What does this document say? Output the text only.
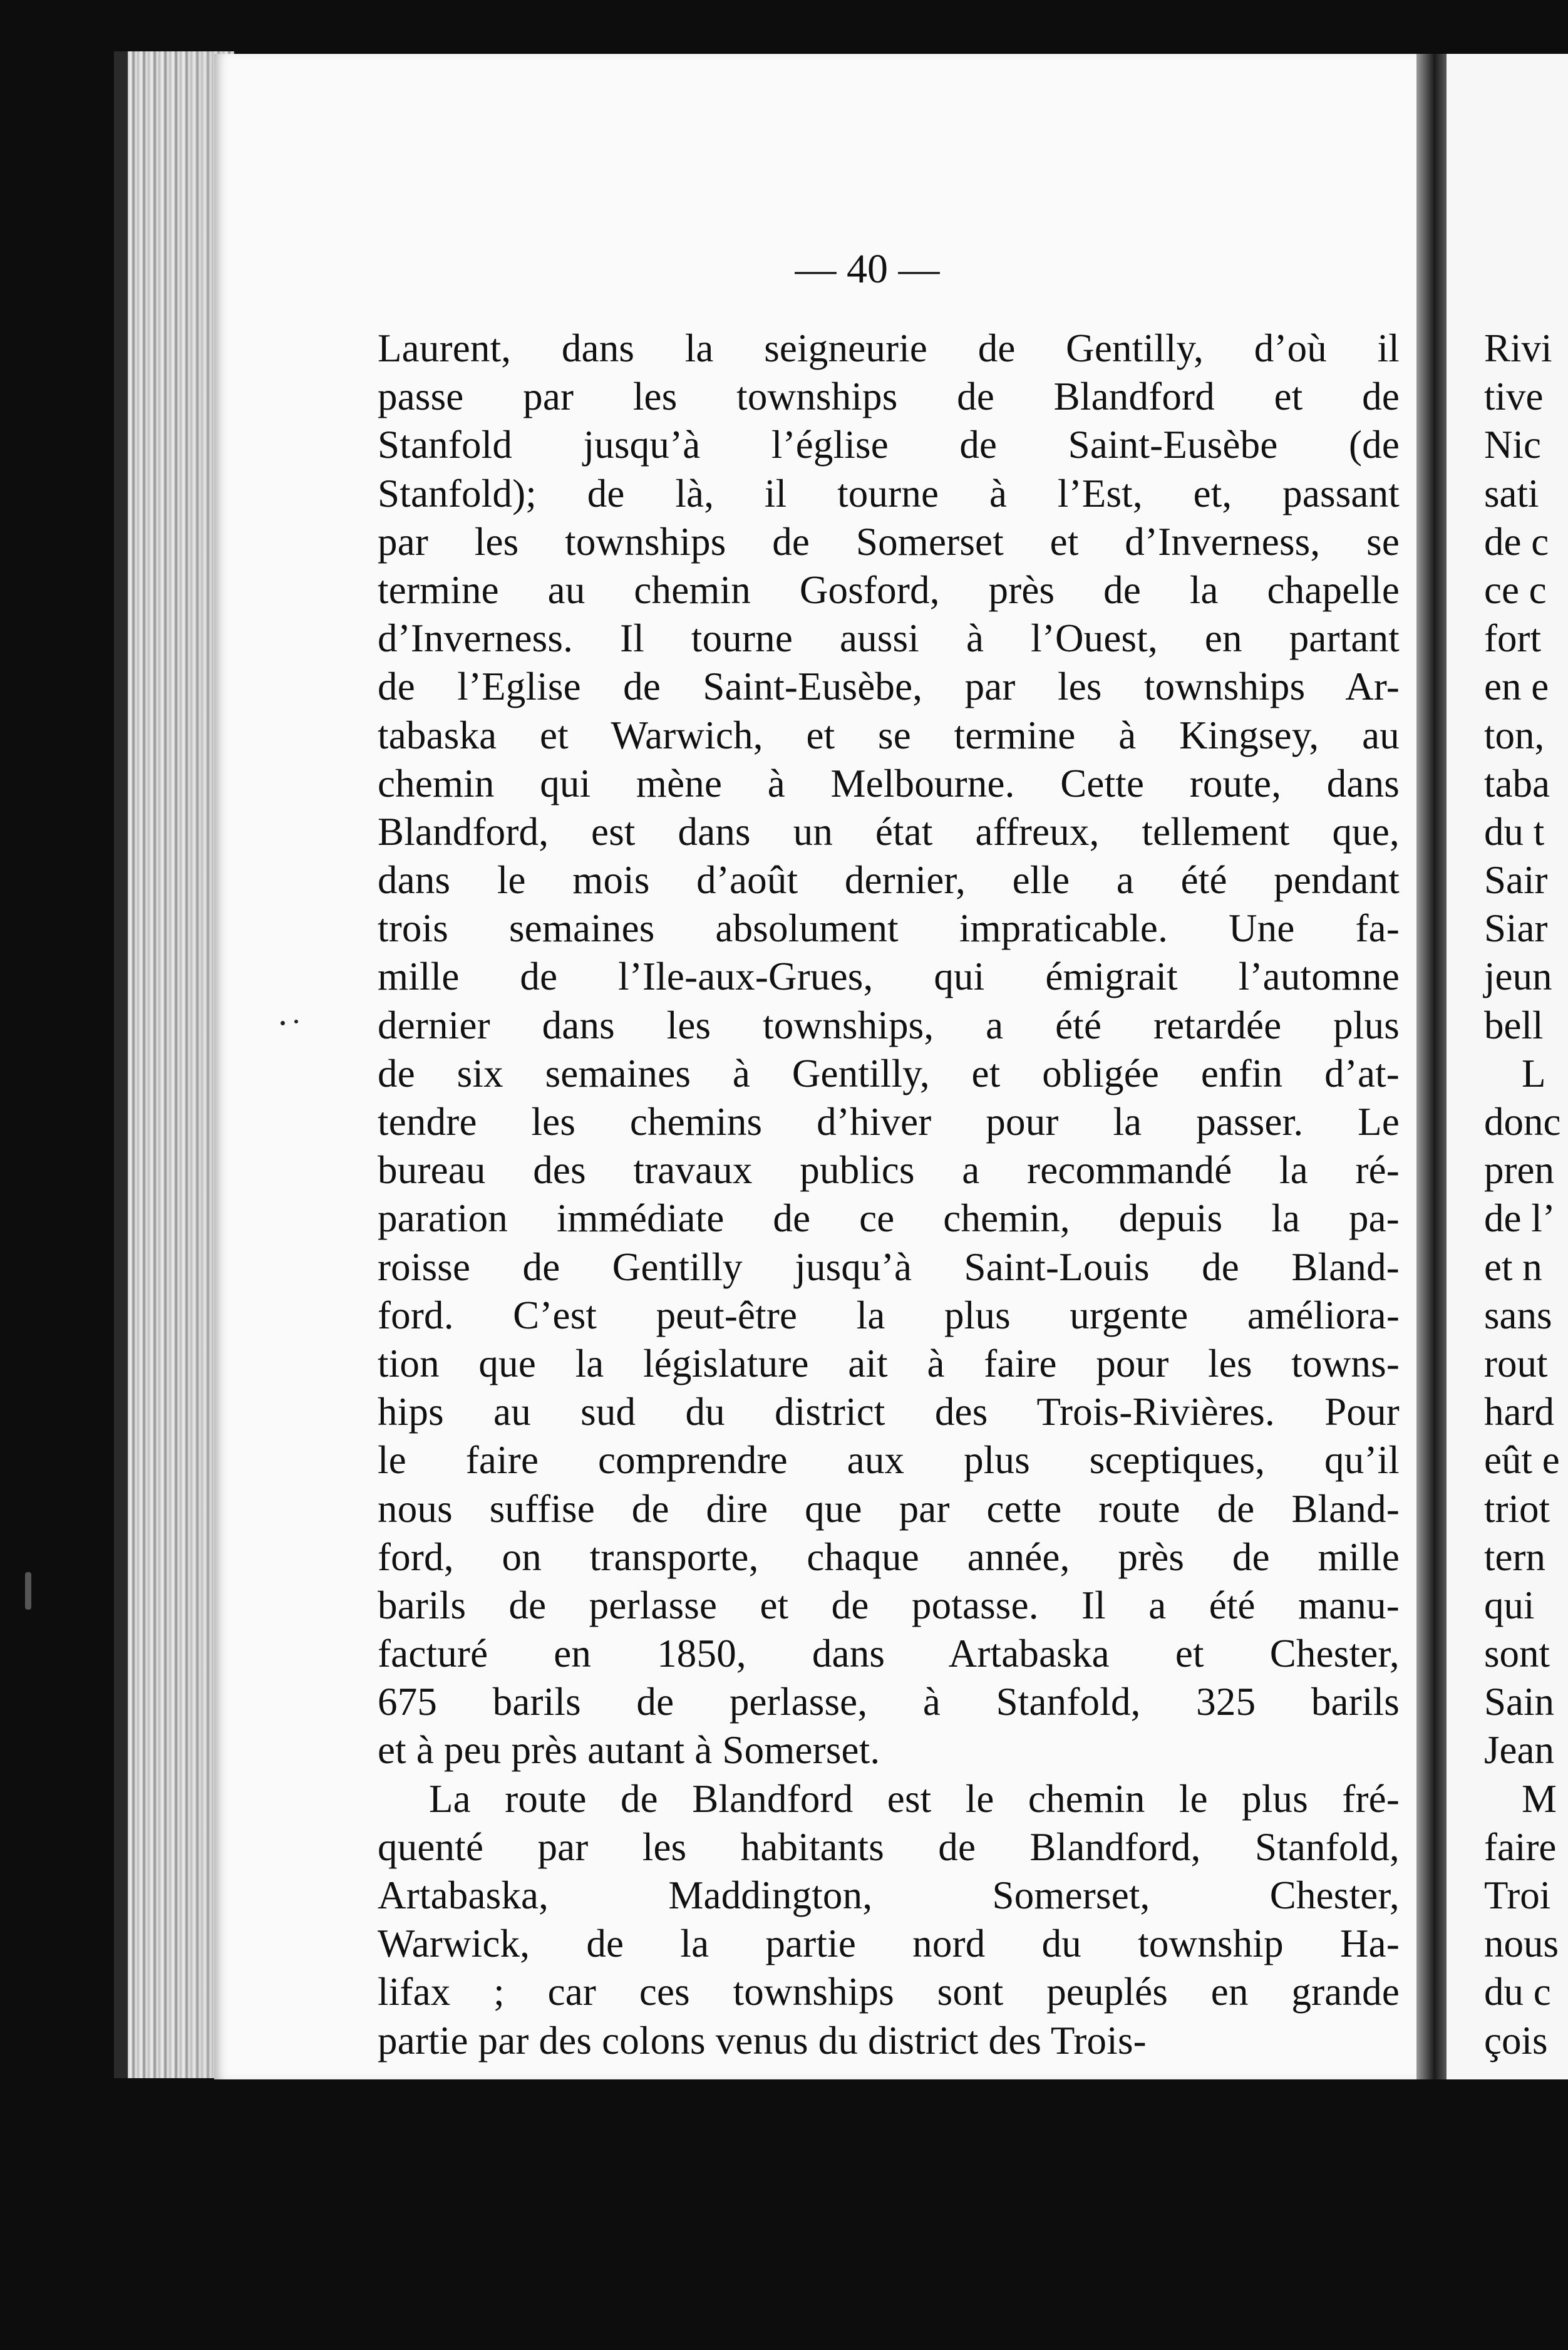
Rivi
tive
Nic
sati
de c
ce c
fort
en e
ton,
taba
du t
Sair
Siar
jeun
bell
L
donc
pren
de l’
et n
sans
rout
hard
eût e
triot
tern
qui
sont
Sain
Jean
M
faire
Troi
nous
du c
çois
— 40 —
Laurent, dans la seigneurie de Gentilly, d’où il
passe par les townships de Blandford et de
Stanfold jusqu’à l’église de Saint-Eusèbe (de
Stanfold); de là, il tourne à l’Est, et, passant
par les townships de Somerset et d’Inverness, se
termine au chemin Gosford, près de la chapelle
d’Inverness. Il tourne aussi à l’Ouest, en partant
de l’Eglise de Saint-Eusèbe, par les townships Ar-
tabaska et Warwich, et se termine à Kingsey, au
chemin qui mène à Melbourne. Cette route, dans
Blandford, est dans un état affreux, tellement que,
dans le mois d’août dernier, elle a été pendant
trois semaines absolument impraticable. Une fa-
mille de l’Ile-aux-Grues, qui émigrait l’automne
dernier dans les townships, a été retardée plus
de six semaines à Gentilly, et obligée enfin d’at-
tendre les chemins d’hiver pour la passer. Le
bureau des travaux publics a recommandé la ré-
paration immédiate de ce chemin, depuis la pa-
roisse de Gentilly jusqu’à Saint-Louis de Bland-
ford. C’est peut-être la plus urgente améliora-
tion que la législature ait à faire pour les towns-
hips au sud du district des Trois-Rivières. Pour
le faire comprendre aux plus sceptiques, qu’il
nous suffise de dire que par cette route de Bland-
ford, on transporte, chaque année, près de mille
barils de perlasse et de potasse. Il a été manu-
facturé en 1850, dans Artabaska et Chester,
675 barils de perlasse, à Stanfold, 325 barils
et à peu près autant à Somerset.
La route de Blandford est le chemin le plus fré-
quenté par les habitants de Blandford, Stanfold,
Artabaska, Maddington, Somerset, Chester,
Warwick, de la partie nord du township Ha-
lifax ; car ces townships sont peuplés en grande
partie par des colons venus du district des Trois-
